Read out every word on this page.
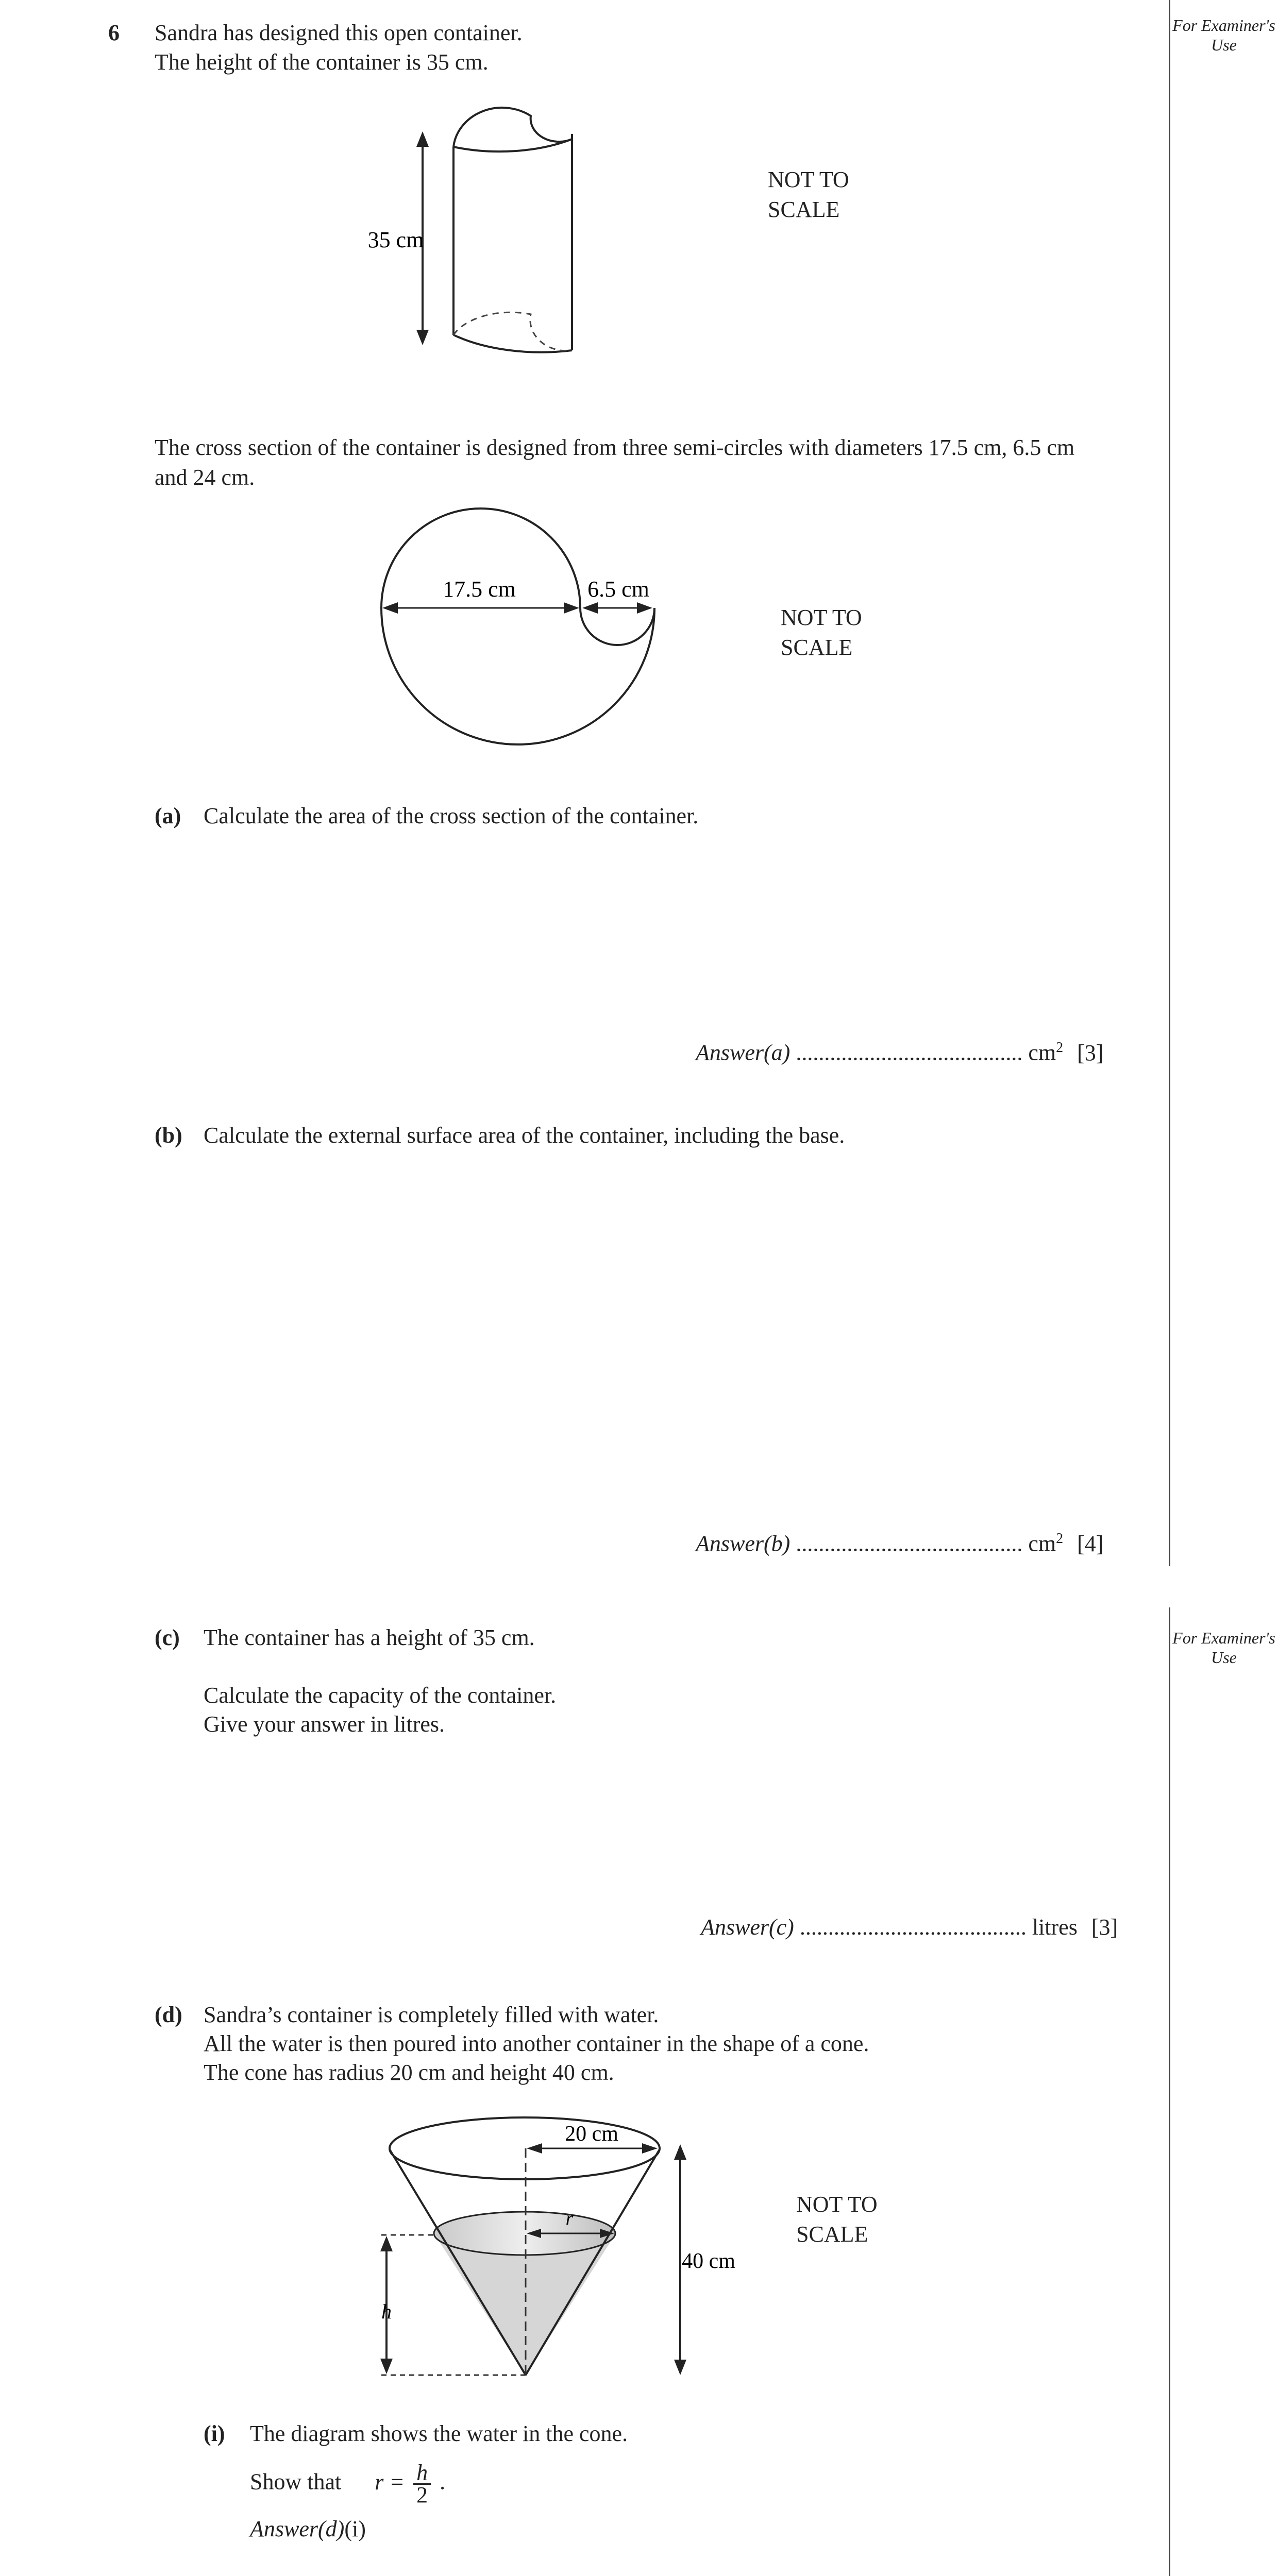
For Examiner's Use
For Examiner's Use
6 Sandra has designed this open container.
The height of the container is 35 cm.
35 cm
NOT TO SCALE
The cross section of the container is designed from three semi-circles with diameters 17.5 cm, 6.5 cm
and 24 cm.
17.5 cm	6.5 cm
NOT TO SCALE
(a) Calculate the area of the cross section of the container.
Answer(a) ........................................ $cm^2$ [3]
(b) Calculate the external surface area of the container, including the base.
Answer(b) ........................................ $cm^2$ [4]
(c) The container has a height of 35 cm.
Calculate the capacity of the container.
Give your answer in litres.
Answer(c) ........................................ litres [3]
(d) Sandra’s container is completely filled with water.
All the water is then poured into another container in the shape of a cone.
The cone has radius 20 cm and height 40 cm.
20 cm
r
40 cm
h
NOT TO SCALE
(i) The diagram shows the water in the cone.
Show that $r = \frac{h}{2}$ .
Answer(d)(i)
